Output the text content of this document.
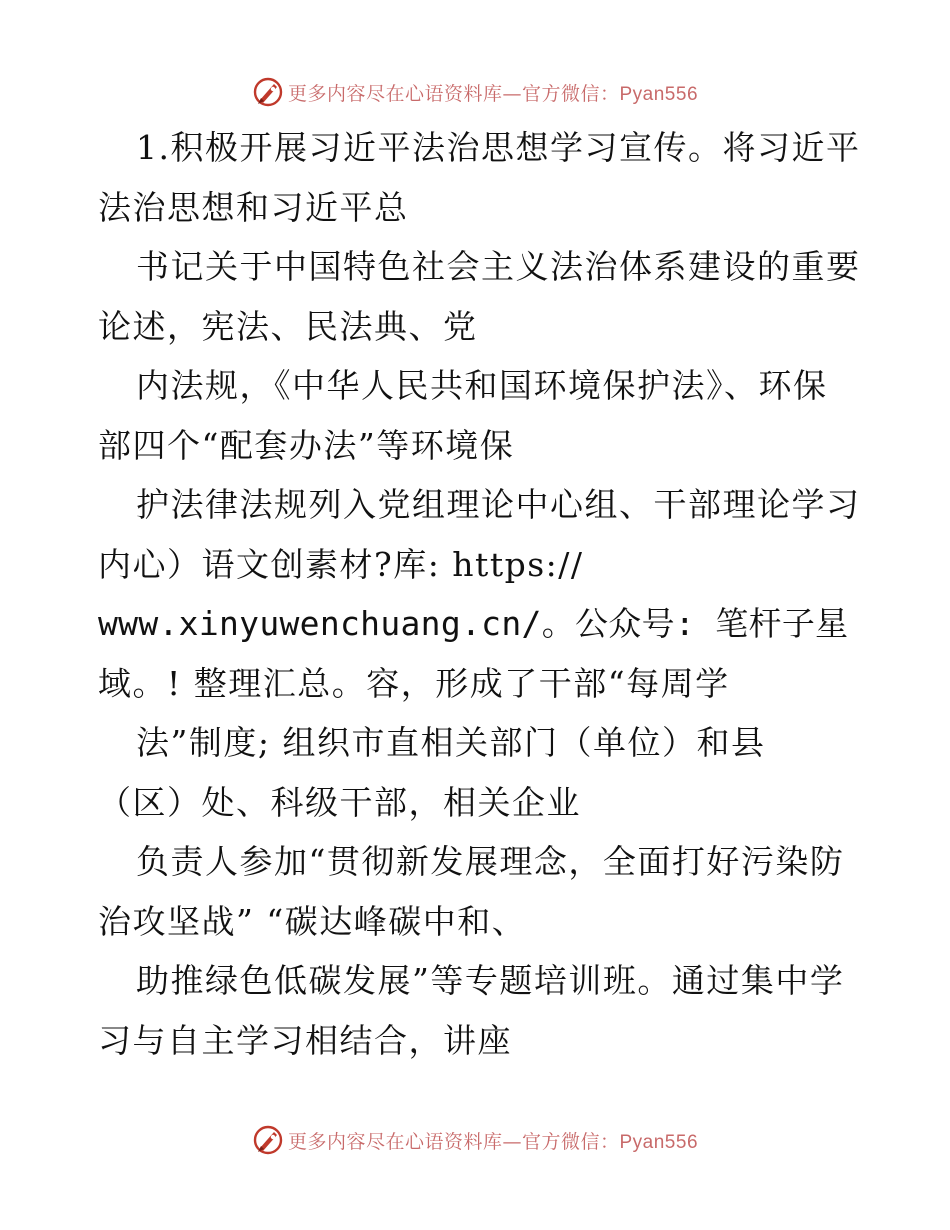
更多内容尽在心语资料库—官方微信：Pyan556
1.积极开展习近平法治思想学习宣传。将习近平
法治思想和习近平总
书记关于中国特色社会主义法治体系建设的重要
论述，宪法、民法典、党
内法规，《中华人民共和国环境保护法》、环保
部四个“配套办法”等环境保
护法律法规列入党组理论中心组、干部理论学习
内心）语文创素材?库: https://
www.xinyuwenchuang.cn/。公众号: 笔杆子星
域。! 整理汇总。容，形成了干部“每周学
法”制度; 组织市直相关部门（单位）和县
（区）处、科级干部，相关企业
负责人参加“贯彻新发展理念，全面打好污染防
治攻坚战” “碳达峰碳中和、
助推绿色低碳发展”等专题培训班。通过集中学
习与自主学习相结合，讲座
更多内容尽在心语资料库—官方微信：Pyan556
